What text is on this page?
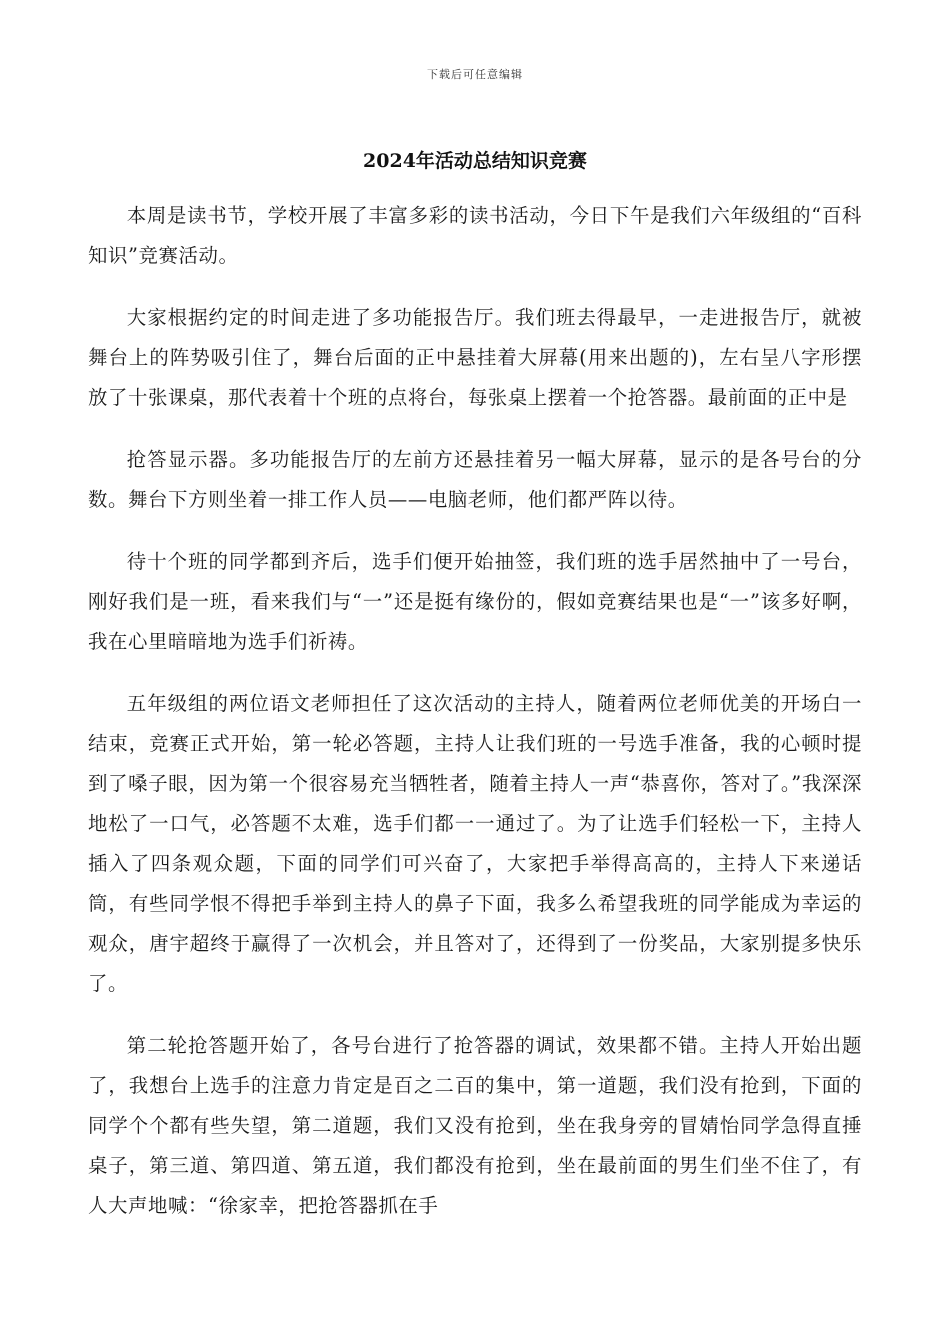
下载后可任意编辑
2024年活动总结知识竞赛

本周是读书节，学校开展了丰富多彩的读书活动，今日下午是我们六年级组的“百科知识”竞赛活动。

大家根据约定的时间走进了多功能报告厅。我们班去得最早，一走进报告厅，就被舞台上的阵势吸引住了，舞台后面的正中悬挂着大屏幕(用来出题的)，左右呈八字形摆放了十张课桌，那代表着十个班的点将台，每张桌上摆着一个抢答器。最前面的正中是

抢答显示器。多功能报告厅的左前方还悬挂着另一幅大屏幕，显示的是各号台的分数。舞台下方则坐着一排工作人员——电脑老师，他们都严阵以待。

待十个班的同学都到齐后，选手们便开始抽签，我们班的选手居然抽中了一号台，刚好我们是一班，看来我们与“一”还是挺有缘份的，假如竞赛结果也是“一”该多好啊，我在心里暗暗地为选手们祈祷。

五年级组的两位语文老师担任了这次活动的主持人，随着两位老师优美的开场白一结束，竞赛正式开始，第一轮必答题，主持人让我们班的一号选手准备，我的心顿时提到了嗓子眼，因为第一个很容易充当牺牲者，随着主持人一声“恭喜你，答对了。”我深深地松了一口气，必答题不太难，选手们都一一通过了。为了让选手们轻松一下，主持人插入了四条观众题，下面的同学们可兴奋了，大家把手举得高高的，主持人下来递话筒，有些同学恨不得把手举到主持人的鼻子下面，我多么希望我班的同学能成为幸运的观众，唐宇超终于赢得了一次机会，并且答对了，还得到了一份奖品，大家别提多快乐了。

第二轮抢答题开始了，各号台进行了抢答器的调试，效果都不错。主持人开始出题了，我想台上选手的注意力肯定是百之二百的集中，第一道题，我们没有抢到，下面的同学个个都有些失望，第二道题，我们又没有抢到，坐在我身旁的冒婧怡同学急得直捶桌子，第三道、第四道、第五道，我们都没有抢到，坐在最前面的男生们坐不住了，有人大声地喊：“徐家幸，把抢答器抓在手
